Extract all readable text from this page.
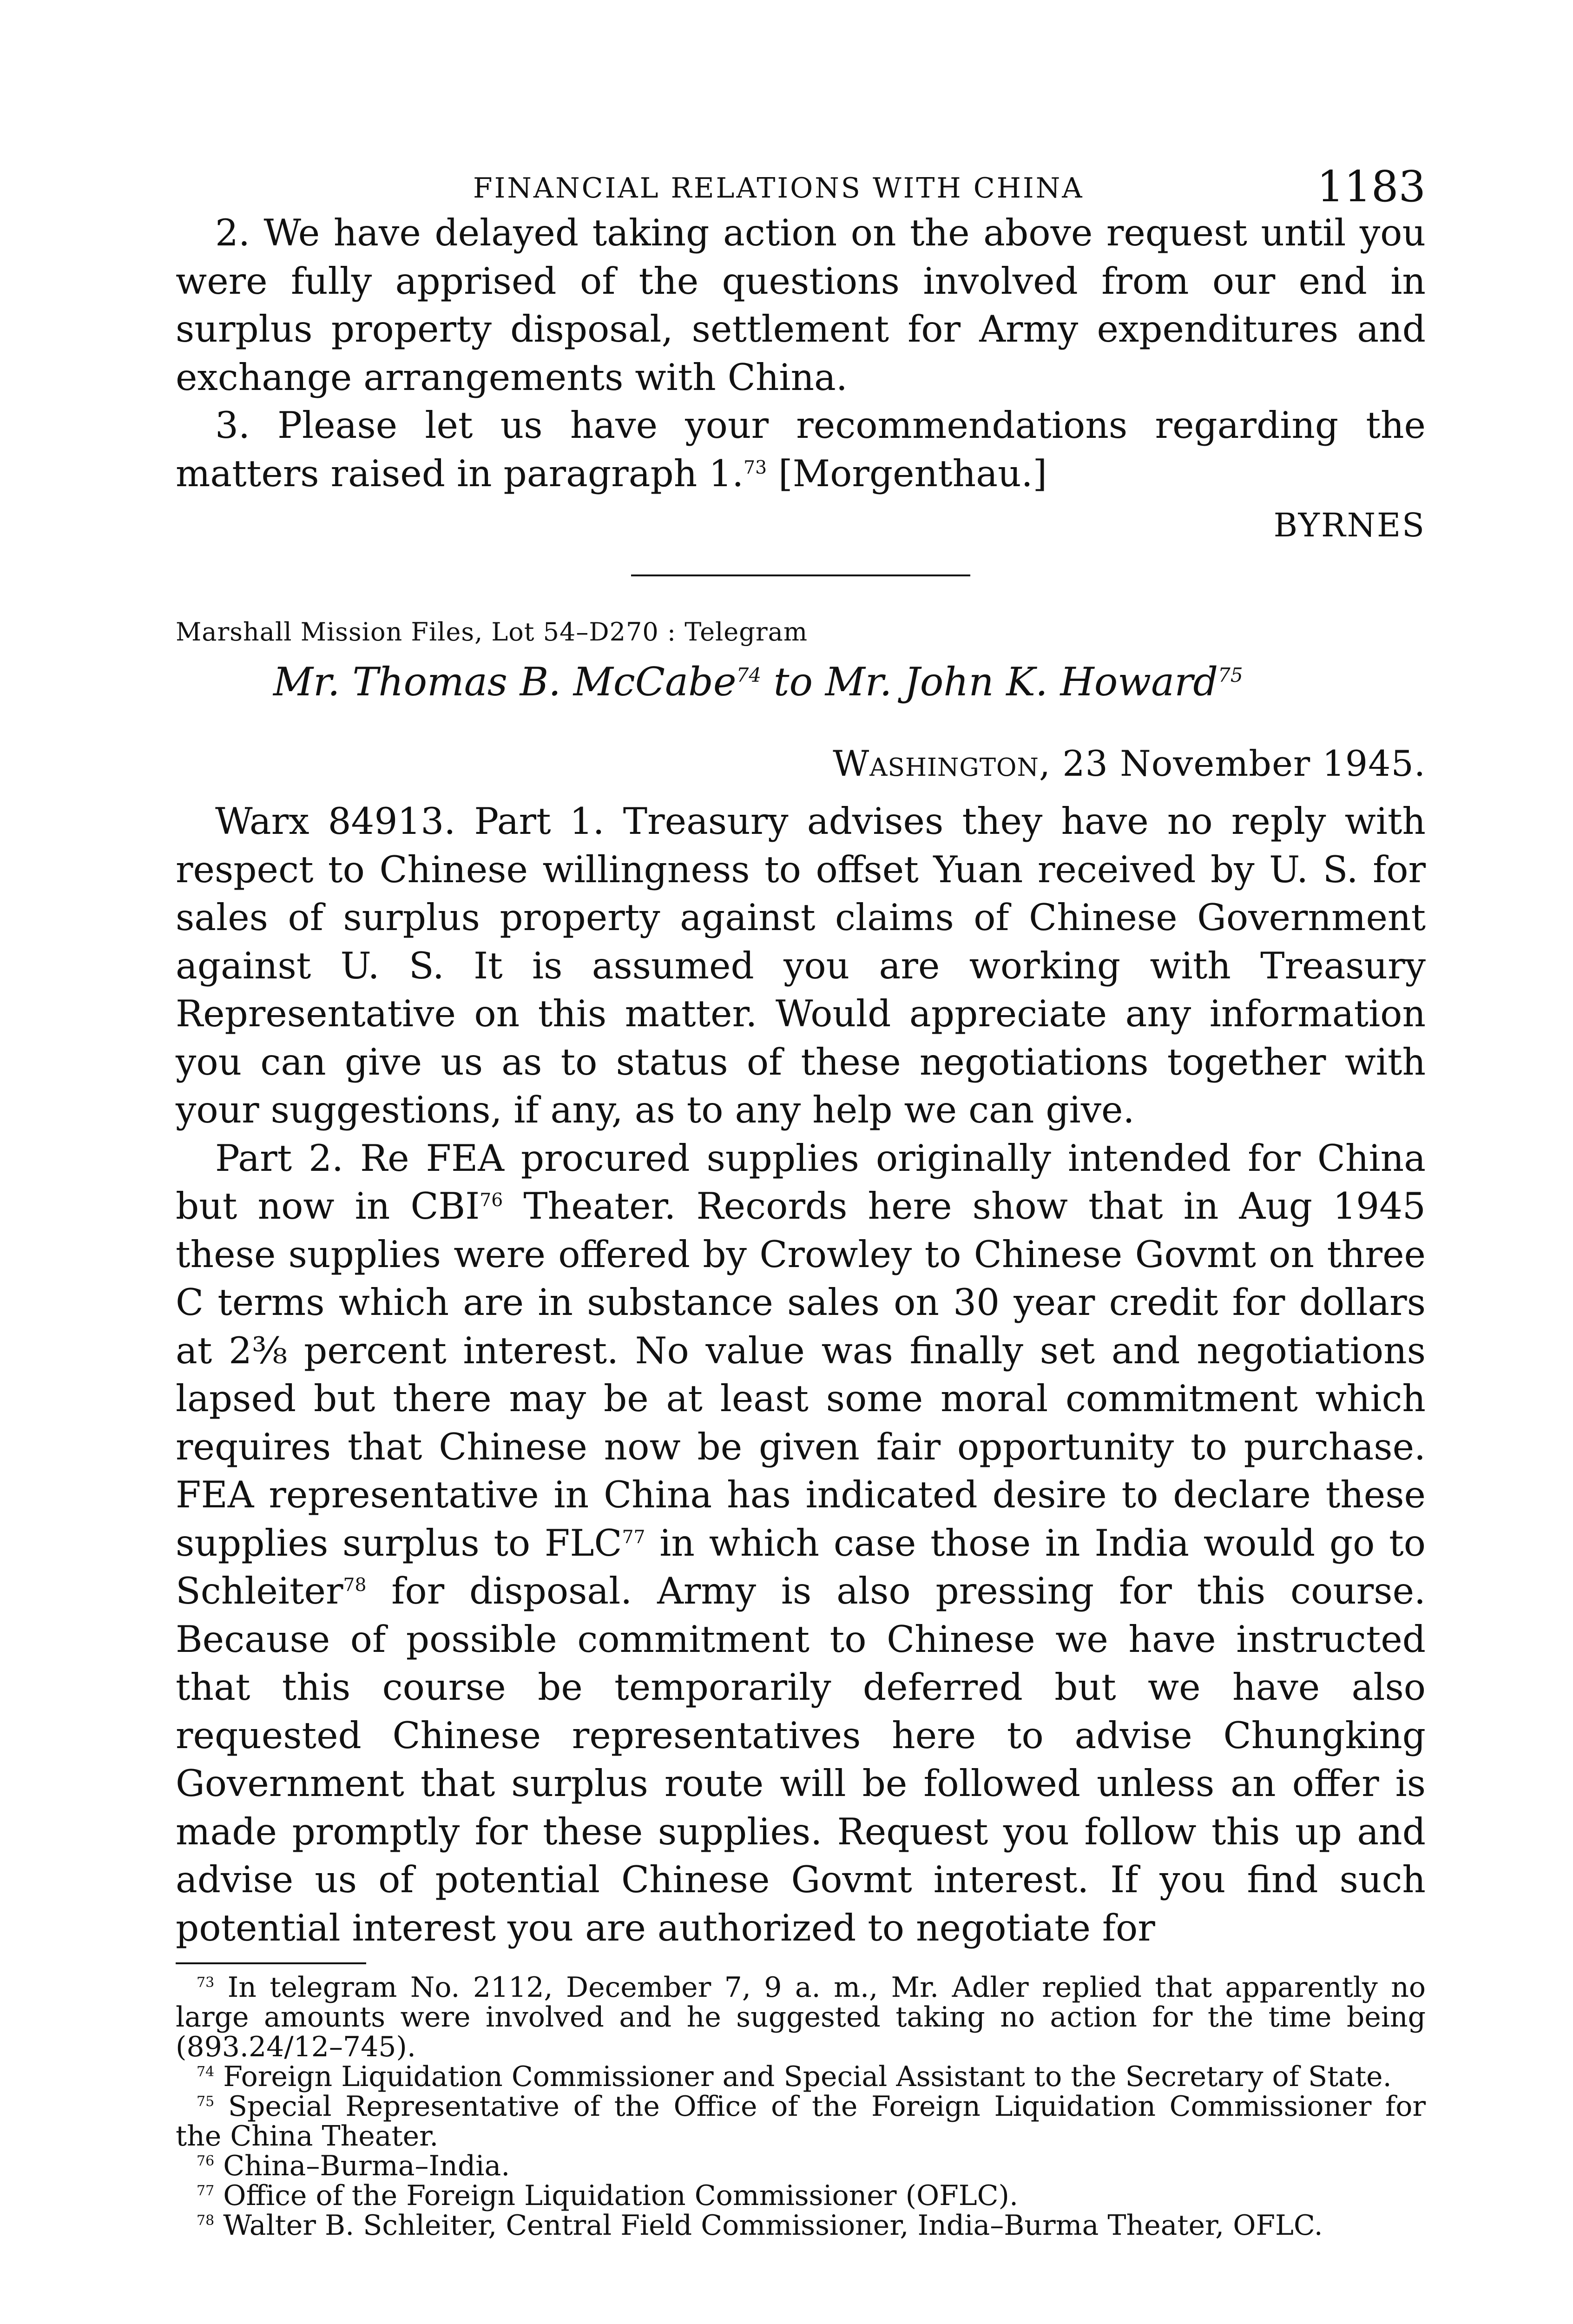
FINANCIAL RELATIONS WITH CHINA	1183

2. We have delayed taking action on the above request until you were fully apprised of the questions involved from our end in surplus property disposal, settlement for Army expenditures and exchange arrangements with China.

3. Please let us have your recommendations regarding the matters raised in paragraph 1.73 [Morgenthau.]

BYRNES
Marshall Mission Files, Lot 54–D270 : Telegram
Mr. Thomas B. McCabe$^{74}$ to Mr. John K. Howard$^{75}$
Washington, 23 November 1945.

Warx 84913. Part 1. Treasury advises they have no reply with respect to Chinese willingness to offset Yuan received by U. S. for sales of surplus property against claims of Chinese Government against U. S. It is assumed you are working with Treasury Representative on this matter. Would appreciate any information you can give us as to status of these negotiations together with your suggestions, if any, as to any help we can give.

Part 2. Re FEA procured supplies originally intended for China but now in CBI$^{76}$ Theater. Records here show that in Aug 1945 these supplies were offered by Crowley to Chinese Govmt on three C terms which are in substance sales on 30 year credit for dollars at 2⅜ percent interest. No value was finally set and negotiations lapsed but there may be at least some moral commitment which requires that Chinese now be given fair opportunity to purchase. FEA representative in China has indicated desire to declare these supplies surplus to FLC$^{77}$ in which case those in India would go to Schleiter$^{78}$ for disposal. Army is also pressing for this course. Because of possible commitment to Chinese we have instructed that this course be temporarily deferred but we have also requested Chinese representatives here to advise Chungking Government that surplus route will be followed unless an offer is made promptly for these supplies. Request you follow this up and advise us of potential Chinese Govmt interest. If you find such potential interest you are authorized to negotiate for

$^{73}$ In telegram No. 2112, December 7, 9 a. m., Mr. Adler replied that apparently no large amounts were involved and he suggested taking no action for the time being (893.24/12–745).

$^{74}$ Foreign Liquidation Commissioner and Special Assistant to the Secretary of State.

$^{75}$ Special Representative of the Office of the Foreign Liquidation Commissioner for the China Theater.

$^{76}$ China–Burma–India.

$^{77}$ Office of the Foreign Liquidation Commissioner (OFLC).

$^{78}$ Walter B. Schleiter, Central Field Commissioner, India–Burma Theater, OFLC.
